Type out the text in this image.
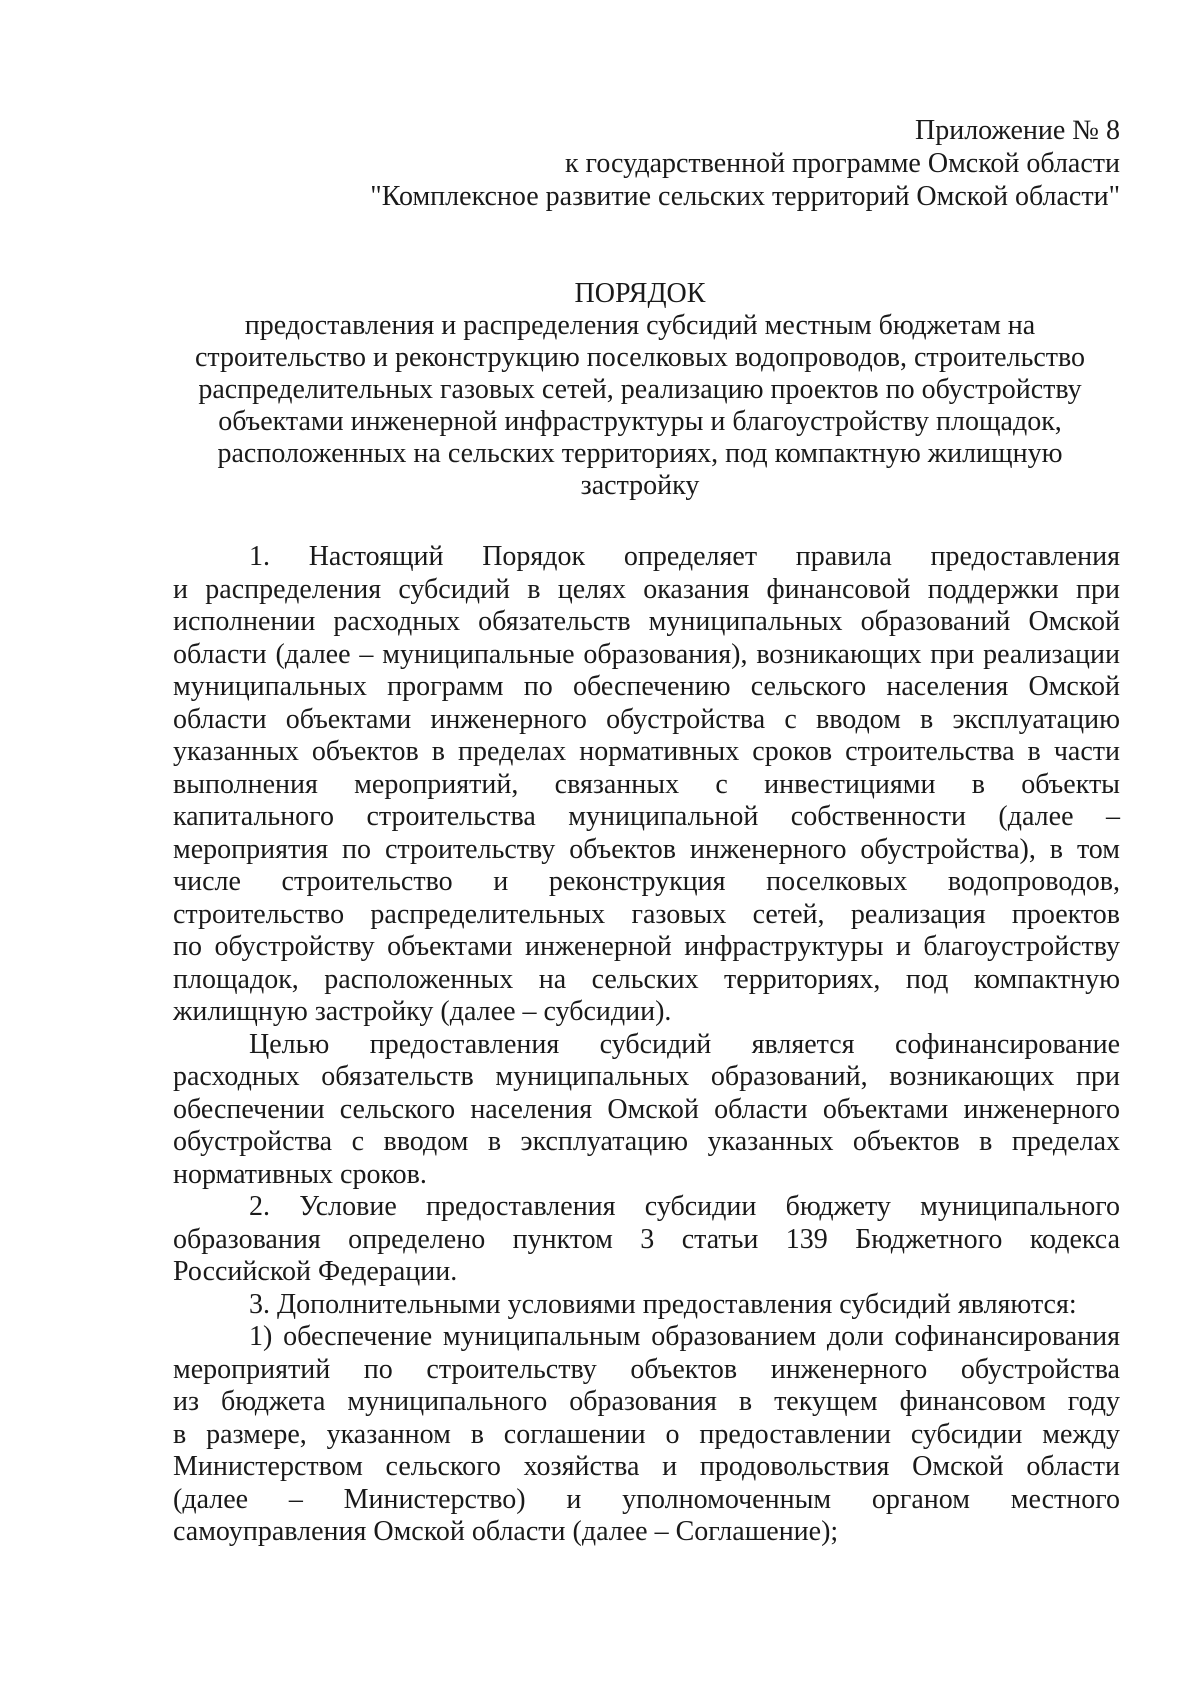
Приложение № 8
к государственной программе Омской области
"Комплексное развитие сельских территорий Омской области"
ПОРЯДОК
предоставления и распределения субсидий местным бюджетам на
строительство и реконструкцию поселковых водопроводов, строительство
распределительных газовых сетей, реализацию проектов по обустройству
объектами инженерной инфраструктуры и благоустройству площадок,
расположенных на сельских территориях, под компактную жилищную
застройку
1. Настоящий Порядок определяет правила предоставления
и распределения субсидий в целях оказания финансовой поддержки при
исполнении расходных обязательств муниципальных образований Омской
области (далее – муниципальные образования), возникающих при реализации
муниципальных программ по обеспечению сельского населения Омской
области объектами инженерного обустройства с вводом в эксплуатацию
указанных объектов в пределах нормативных сроков строительства в части
выполнения мероприятий, связанных с инвестициями в объекты
капитального строительства муниципальной собственности (далее –
мероприятия по строительству объектов инженерного обустройства), в том
числе строительство и реконструкция поселковых водопроводов,
строительство распределительных газовых сетей, реализация проектов
по обустройству объектами инженерной инфраструктуры и благоустройству
площадок, расположенных на сельских территориях, под компактную
жилищную застройку (далее – субсидии).
Целью предоставления субсидий является софинансирование
расходных обязательств муниципальных образований, возникающих при
обеспечении сельского населения Омской области объектами инженерного
обустройства с вводом в эксплуатацию указанных объектов в пределах
нормативных сроков.
2. Условие предоставления субсидии бюджету муниципального
образования определено пунктом 3 статьи 139 Бюджетного кодекса
Российской Федерации.
3. Дополнительными условиями предоставления субсидий являются:
1) обеспечение муниципальным образованием доли софинансирования
мероприятий по строительству объектов инженерного обустройства
из бюджета муниципального образования в текущем финансовом году
в размере, указанном в соглашении о предоставлении субсидии между
Министерством сельского хозяйства и продовольствия Омской области
(далее – Министерство) и уполномоченным органом местного
самоуправления Омской области (далее – Соглашение);
